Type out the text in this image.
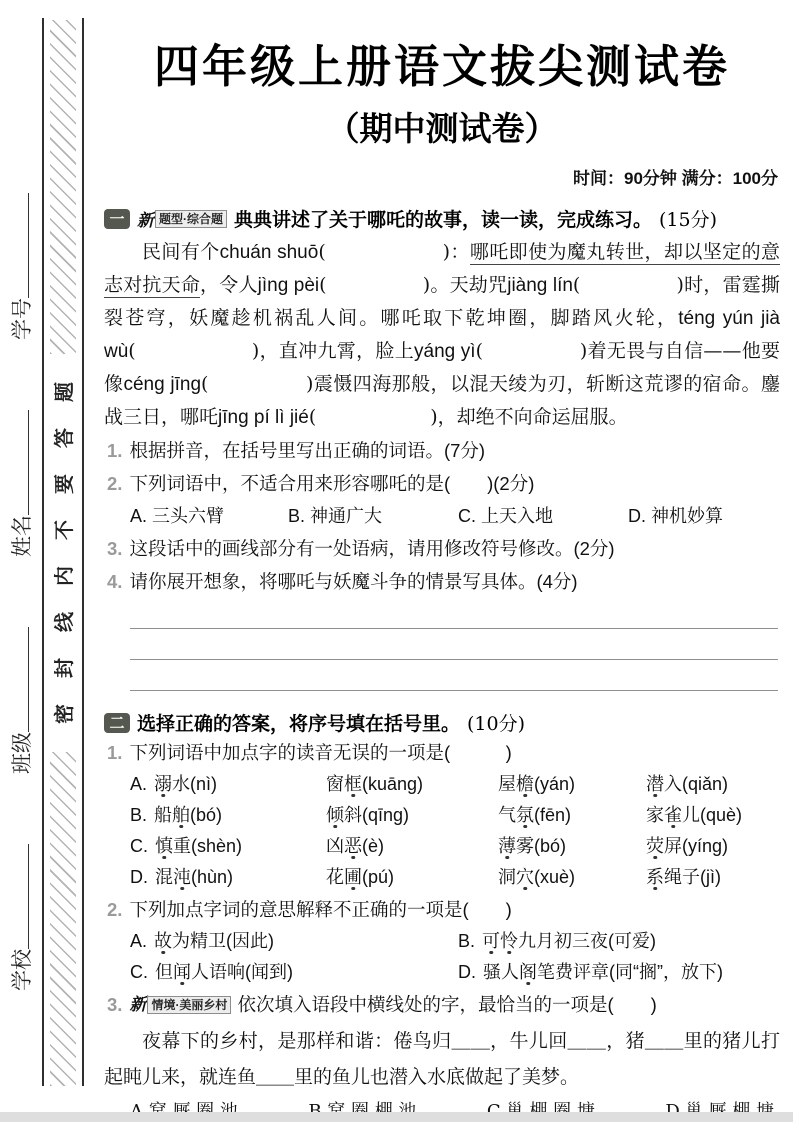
密封线内不要答题
学校
班级
姓名
学号
四年级上册语文拔尖测试卷
（期中测试卷）
时间：90分钟 满分：100分
一 新 题型·综合题 典典讲述了关于哪吒的故事，读一读，完成练习。 (15分)
民间有个chuán shuō(　　　　　　)：哪吒即使为魔丸转世，却以坚定的意志对抗天命，令人jìng pèi(　　　　　)。天劫咒jiàng lín(　　　　　)时，雷霆撕裂苍穹，妖魔趁机祸乱人间。哪吒取下乾坤圈，脚踏风火轮，téng yún jià wù(　　　　　　)，直冲九霄，脸上yáng yì(　　　　　)着无畏与自信——他要像céng jīng(　　　　　)震慑四海那般，以混天绫为刃，斩断这荒谬的宿命。鏖战三日，哪吒jīng pí lì jié(　　　　　　)，却绝不向命运屈服。
1. 根据拼音，在括号里写出正确的词语。(7分)
2. 下列词语中，不适合用来形容哪吒的是(　　)(2分)
A. 三头六臂	B. 神通广大	C. 上天入地	D. 神机妙算
3. 这段话中的画线部分有一处语病，请用修改符号修改。(2分)
4. 请你展开想象，将哪吒与妖魔斗争的情景写具体。(4分)
二 选择正确的答案，将序号填在括号里。 (10分)
1. 下列词语中加点字的读音无误的一项是(　　　)
A. 溺水(nì)	窗框(kuāng)	屋檐(yán)	潜入(qiǎn)
B. 船舶(bó)	倾斜(qīng)	气氛(fēn)	家雀儿(què)
C. 慎重(shèn)	凶恶(è)	薄雾(bó)	荧屏(yíng)
D. 混沌(hùn)	花圃(pú)	洞穴(xuè)	系绳子(jì)
2. 下列加点字词的意思解释不正确的一项是(　　)
A. 故为精卫(因此)	B. 可怜九月初三夜(可爱)
C. 但闻人语响(闻到)	D. 骚人阁笔费评章(同“搁”，放下)
3. 新 情境·美丽乡村 依次填入语段中横线处的字，最恰当的一项是(　　)
夜幕下的乡村，是那样和谐：倦鸟归＿＿，牛儿回＿＿，猪＿＿里的猪儿打起盹儿来，就连鱼＿＿里的鱼儿也潜入水底做起了美梦。
